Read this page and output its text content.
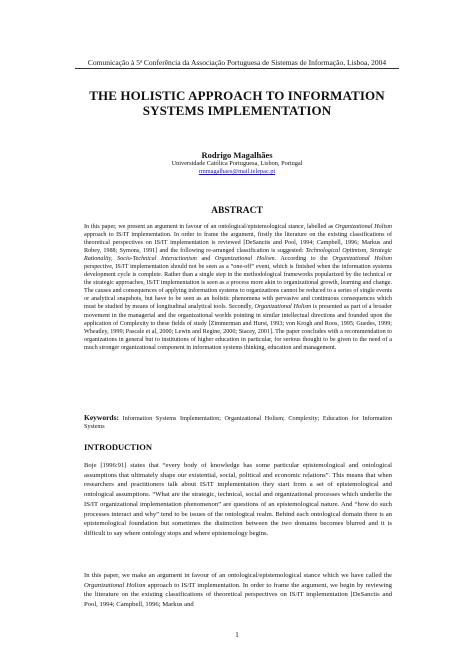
Comunicação à 5ª Conferência da Associação Portuguesa de Sistemas de Informação, Lisboa, 2004
THE HOLISTIC APPROACH TO INFORMATION
SYSTEMS IMPLEMENTATION
Rodrigo Magalhães
Universidade Católica Portuguesa, Lisbon, Portugal
rmmagalhaes@mail.telepac.pt
ABSTRACT
In this paper, we present an argument in favour of an ontological/epistemological stance, labelled as Organizational Holism approach to IS/IT implementation. In order to frame the argument, firstly the literature on the existing classifications of theoretical perspectives on IS/IT implementation is reviewed [DeSanctis and Pool, 1994; Campbell, 1996; Markus and Robey, 1988; Symons, 1991] and the following re-arranged classification is suggested: Technological Optimism, Strategic Rationality, Socio-Technical Interactionism and Organizational Holism. According to the Organizational Holism perspective, IS/IT implementation should not be seen as a “one-off” event, which is finished when the information systems development cycle is complete. Rather than a single step in the methodological frameworks popularized by the technical or the strategic approaches, IS/IT implementation is seen as a process more akin to organizational growth, learning and change. The causes and consequences of applying information systems to organizations cannot be reduced to a series of single events or analytical snapshots, but have to be seen as an holistic phenomena with pervasive and continuous consequences which must be studied by means of longitudinal analytical tools. Secondly, Organizational Holism is presented as part of a broader movement in the managerial and the organizational worlds pointing in similar intellectual directions and founded upon the application of Complexity to these fields of study [Zimmerman and Hurst, 1993; von Krogh and Roos, 1995; Guedes, 1999; Wheatley, 1999; Pascale et al, 2000; Lewin and Regine, 2000; Stacey, 2001]. The paper concludes with a recommendation to organizations in general but to institutions of higher education in particular, for serious thought to be given to the need of a much stronger organizational component in information systems thinking, education and management.
Keywords: Information Systems Implementation; Organizational Holism; Complexity; Education for Information Systems
INTRODUCTION
Boje [1996:91] states that “every body of knowledge has some particular epistemological and ontological assumptions that ultimately shape our existential, social, political and economic relations”. This means that when researchers and practitioners talk about IS/IT implementation they start from a set of epistemological and ontological assumptions. “What are the strategic, technical, social and organizational processes which underlie the IS/IT organizational implementation phenomenon” are questions of an epistemological nature. And “how do such processes interact and why” tend to be issues of the ontological realm. Behind each ontological domain there is an epistemological foundation but sometimes the distinction between the two domains becomes blurred and it is difficult to say where ontology stops and where epistemology begins.
In this paper, we make an argument in favour of an ontological/epistemological stance which we have called the Organizational Holism approach to IS/IT implementation. In order to frame the argument, we begin by reviewing the literature on the existing classifications of theoretical perspectives on IS/IT implementation [DeSanctis and Pool, 1994; Campbell, 1996; Markus and
1
